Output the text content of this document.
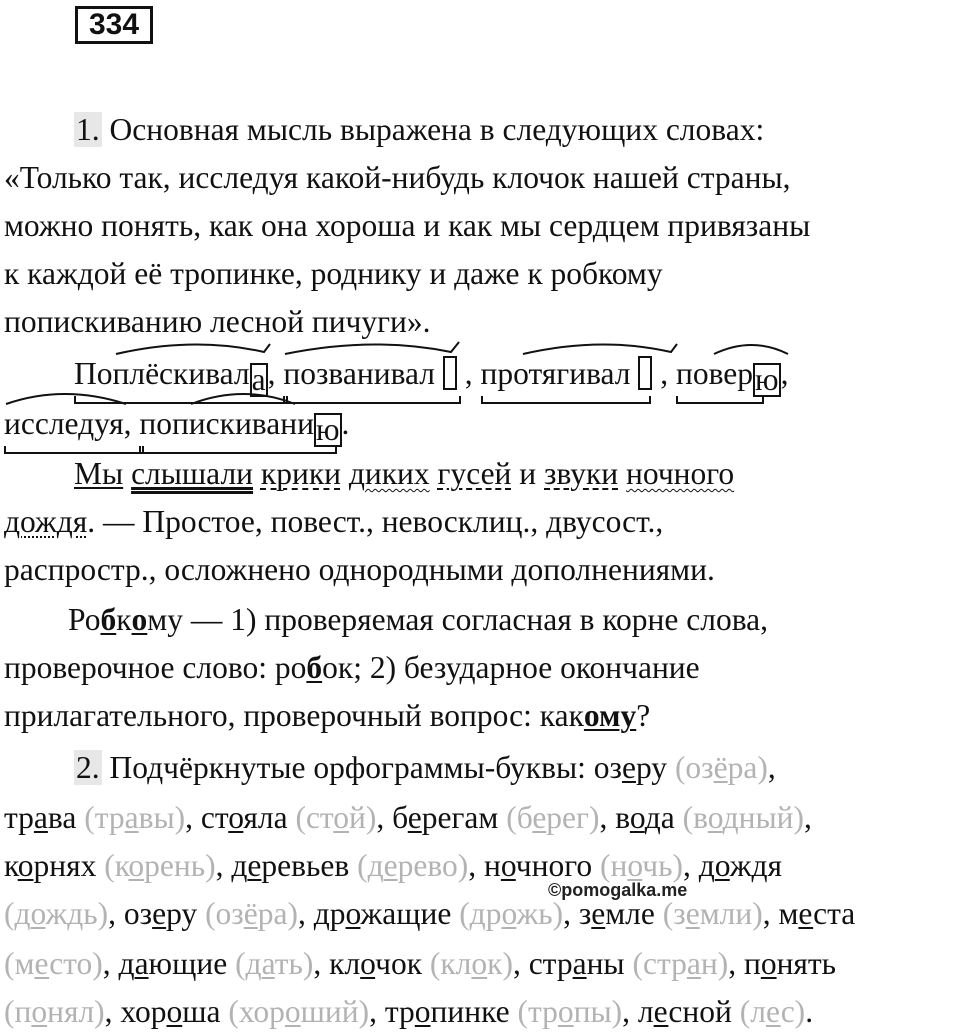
334
1. Основная мысль выражена в следующих словах:
«Только так, исследуя какой-нибудь клочок нашей страны,
можно понять, как она хороша и как мы сердцем привязаны
к каждой её тропинке, роднику и даже к робкому
попискиванию лесной пичуги».
Поплёскивала
, позванивал , протягивал , поверю
,
исследуя
, попискиванию
.
Мы слышали крики диких гусей и звуки ночного
дождя. — Простое, повест., невосклиц., двусост.,
распростр., осложнено однородными дополнениями.
Робкому — 1) проверяемая согласная в корне слова,
проверочное слово: робок; 2) безударное окончание
прилагательного, проверочный вопрос: какому?
2. Подчёркнутые орфограммы-буквы: озеру (озёра),
трава (травы), стояла (стой), берегам (берег), вода (водный),
корнях (корень), деревьев (дерево), ночного (ночь), дождя
(дождь), озеру (озёра), дрожащие (дрожь), земле (земли), места
(место), дающие (дать), клочок (клок), страны (стран), понять
(понял), хороша (хороший), тропинке (тропы), лесной (лес).
©pomogalka.me
